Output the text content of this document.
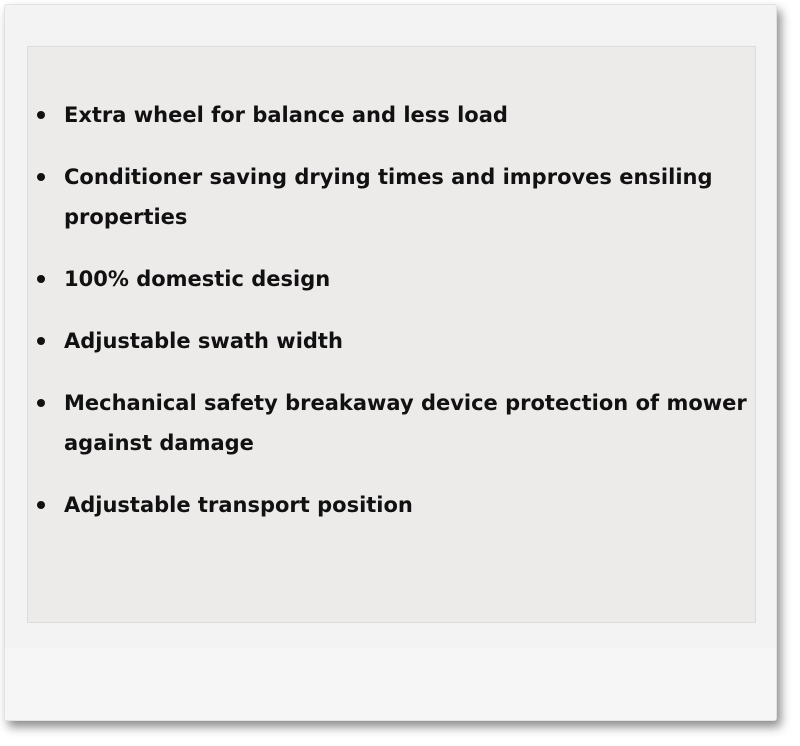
Extra wheel for balance and less load
Conditioner saving drying times and improves ensiling properties
100% domestic design
Adjustable swath width
Mechanical safety breakaway device protection of mower against damage
Adjustable transport position
